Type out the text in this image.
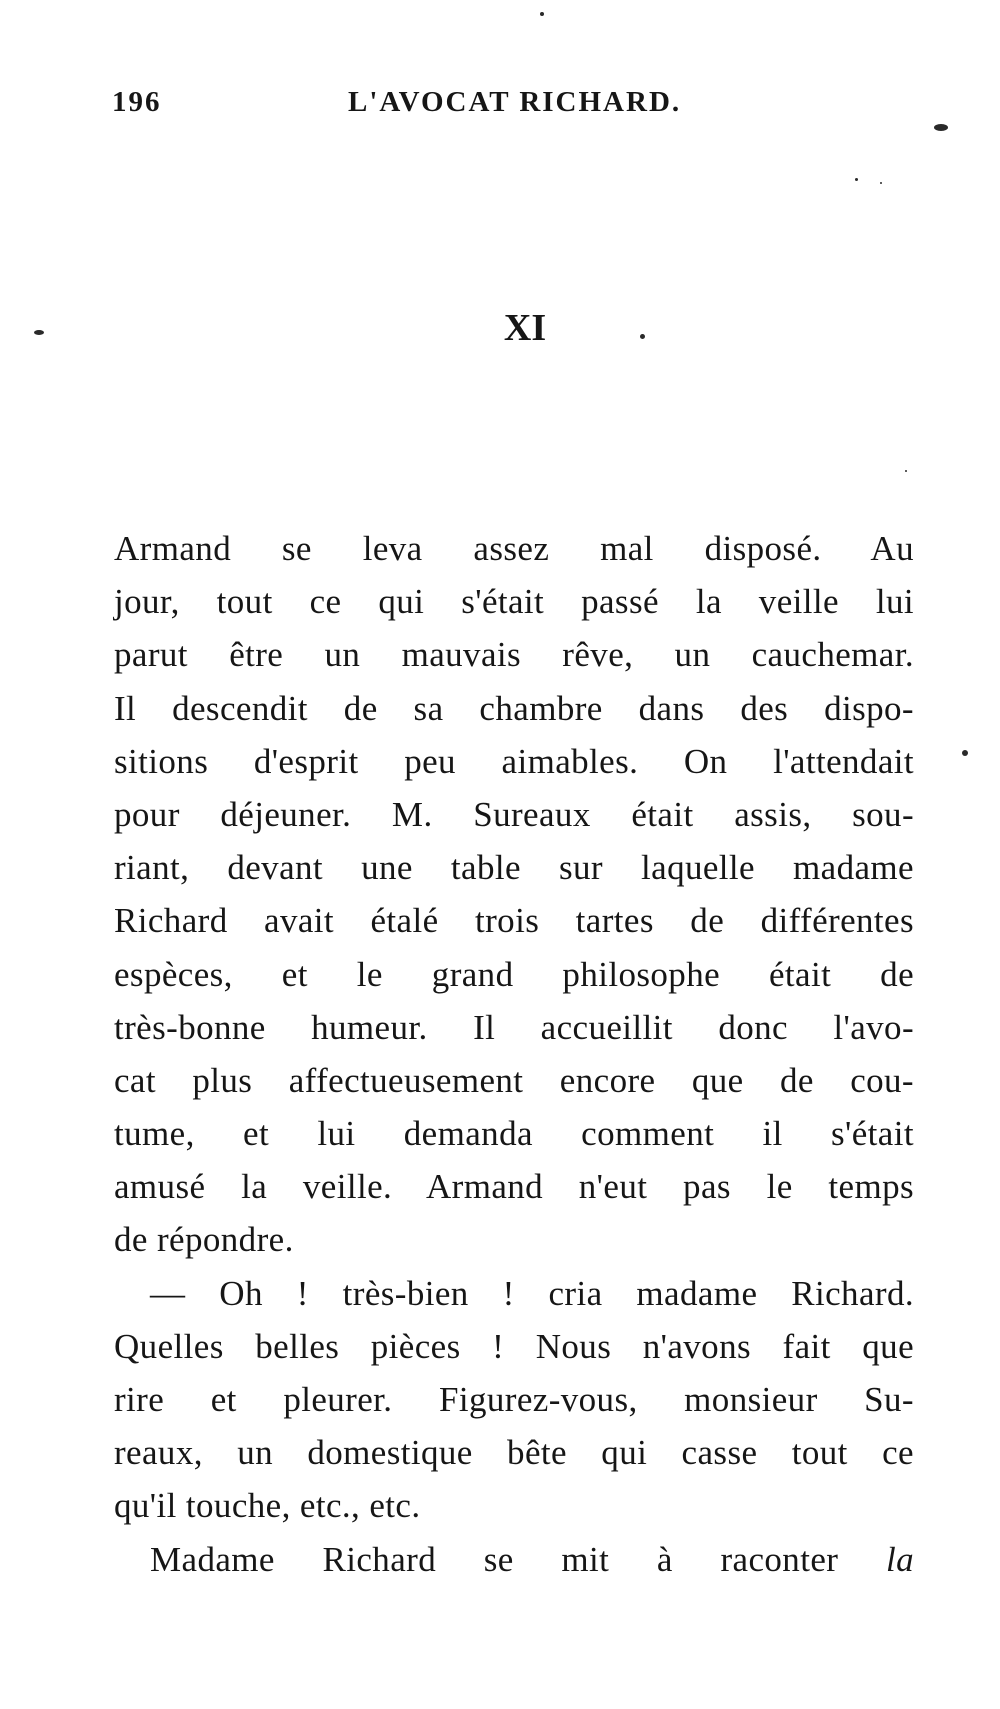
196	L'AVOCAT RICHARD.
XI
Armand se leva assez mal disposé. Au
jour, tout ce qui s'était passé la veille lui
parut être un mauvais rêve, un cauchemar.
Il descendit de sa chambre dans des dispo-
sitions d'esprit peu aimables. On l'attendait
pour déjeuner. M. Sureaux était assis, sou-
riant, devant une table sur laquelle madame
Richard avait étalé trois tartes de différentes
espèces, et le grand philosophe était de
très-bonne humeur. Il accueillit donc l'avo-
cat plus affectueusement encore que de cou-
tume, et lui demanda comment il s'était
amusé la veille. Armand n'eut pas le temps
de répondre.
— Oh ! très-bien ! cria madame Richard.
Quelles belles pièces ! Nous n'avons fait que
rire et pleurer. Figurez-vous, monsieur Su-
reaux, un domestique bête qui casse tout ce
qu'il touche, etc., etc.
Madame Richard se mit à raconter la
